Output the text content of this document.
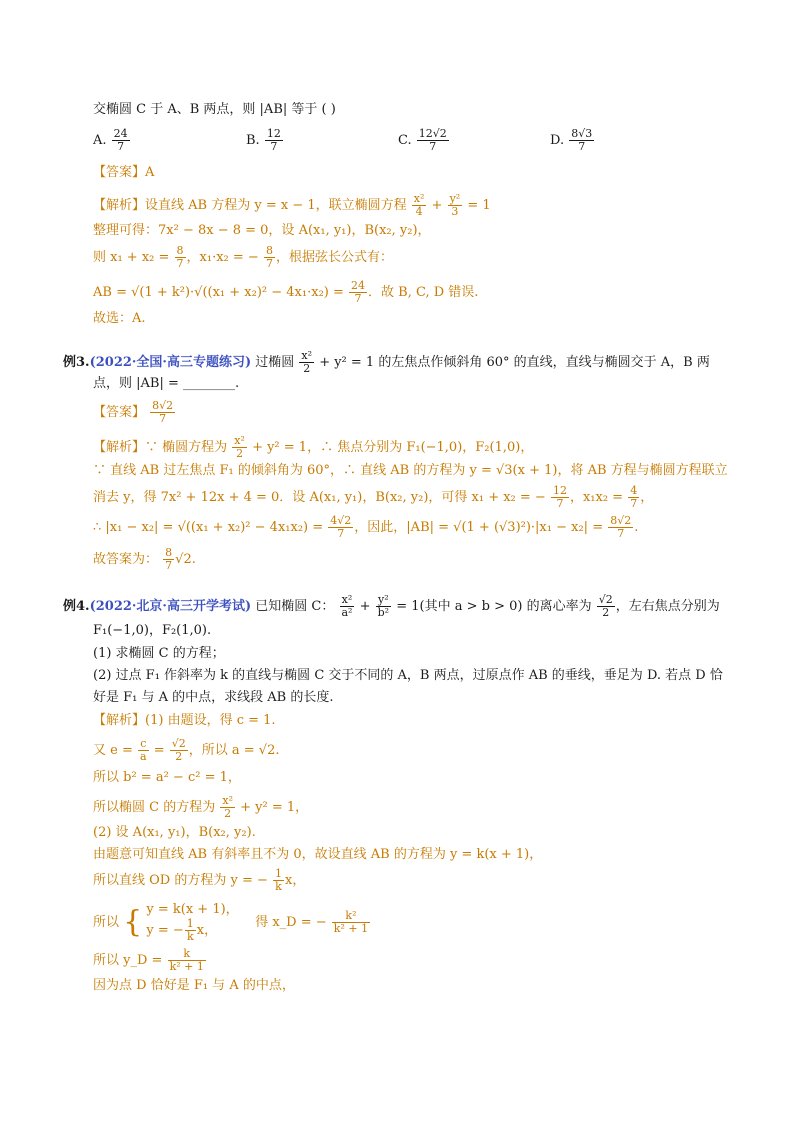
交椭圆 C 于 A、B 两点，则 |AB| 等于 ( )
A. $\frac{24}{7}$	B. $\frac{12}{7}$	C. $\frac{12√2}{7}$	D. $\frac{8√3}{7}$
【答案】A
【解析】设直线 AB 方程为 y = x − 1，联立椭圆方程 $\frac{\text{x²}}{4} + \frac{\text{y²}}{3} = 1$
整理可得：7x² − 8x − 8 = 0，设 A(x₁, y₁)，B(x₂, y₂)，
则 $x_1 + x_2 = \frac{8}{7}$ ，x₁·x₂ = − $\frac{8}{7}$ ，根据弦长公式有：
AB = $√(1 + k^2)\cdot√((x_1 + x_2)^2 - 4x_1\cdot x_2) = \frac{24}{7}$ ．故 B, C, D 错误.
故选：A.
例3.(2022·全国·高三专题练习) 过椭圆 $\frac{\text{x²}}{2} + y^2 = 1$ 的左焦点作倾斜角 60° 的直线，直线与椭圆交于 A，B 两
点，则 |AB| = ________.
【答案】 $\frac{8√2}{7}$
【解析】∵ 椭圆方程为 $\frac{\text{x²}}{2} + y^2 = 1$，∴ 焦点分别为 F₁(−1,0)，F₂(1,0)，
∵ 直线 AB 过左焦点 F₁ 的倾斜角为 60°，∴ 直线 AB 的方程为 y = √3(x + 1)，将 AB 方程与椭圆方程联立
消去 y，得 7x² + 12x + 4 = 0．设 A(x₁, y₁)，B(x₂, y₂)，可得 x₁ + x₂ = − $\frac{12}{7}$ ，$x_1x_2 = \frac{4}{7}$ ，
∴ $|x_1 - x_2| = √((x_1 + x_2)^2 - 4x_1x_2) = \frac{4√2}{7}$ ，因此，$|AB| = √(1 + (√3)^2)\cdot|x_1 - x_2| = \frac{8√2}{7}$ .
故答案为： $\frac{8}{7} √2$.
例4.(2022·北京·高三开学考试) 已知椭圆 C： $\frac{\text{x²}}{\text{a²}} + \frac{\text{y²}}{\text{b²}} = 1$(其中 a > b > 0) 的离心率为 $\frac{√2}{2}$ ，左右焦点分别为
F₁(−1,0)，F₂(1,0).
(1) 求椭圆 C 的方程；
(2) 过点 F₁ 作斜率为 k 的直线与椭圆 C 交于不同的 A，B 两点，过原点作 AB 的垂线，垂足为 D. 若点 D 恰
好是 F₁ 与 A 的中点，求线段 AB 的长度.
【解析】(1) 由题设，得 c = 1.
又 $e = \frac{c}{a} = \frac{√2}{2}$ ，所以 a = √2.
所以 b² = a² − c² = 1，
所以椭圆 C 的方程为 $\frac{\text{x²}}{2} + y^2 = 1$，
(2) 设 A(x₁, y₁)，B(x₂, y₂).
由题意可知直线 AB 有斜率且不为 0，故设直线 AB 的方程为 y = k(x + 1)，
所以直线 OD 的方程为 y = − $\frac{1}{k}$ x，
所以 { y = k(x + 1)，
y = − $\frac{1}{k}$ x，
得 x_D = − $\frac{\text{k²}}{\text{k² + 1}}$
所以 y_D = $\frac{k}{\text{k² + 1}}$
因为点 D 恰好是 F₁ 与 A 的中点，
